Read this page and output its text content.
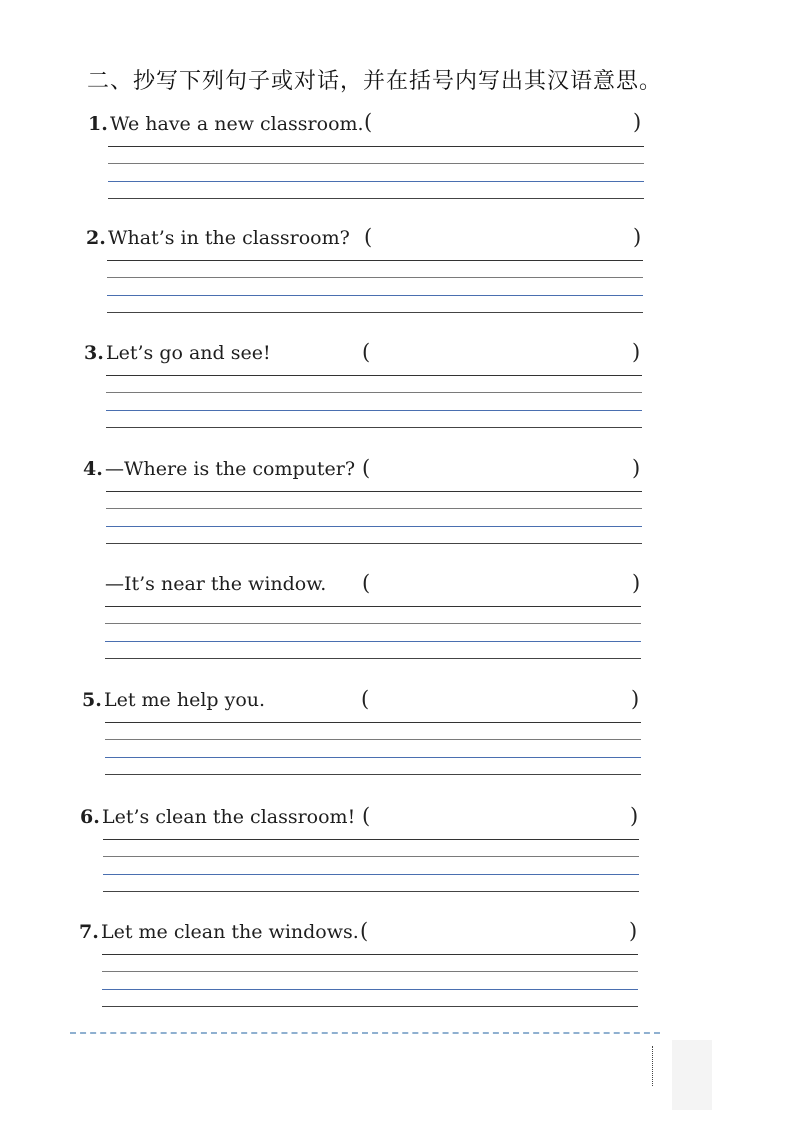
二、抄写下列句子或对话，并在括号内写出其汉语意思。
1. We have a new classroom. (	)
2. What’s in the classroom? (	)
3. Let’s go and see!	(	)
4. —Where is the computer? (	)
—It’s near the window. (	)
5. Let me help you.	(	)
6. Let’s clean the classroom! (	)
7. Let me clean the windows. (	)
